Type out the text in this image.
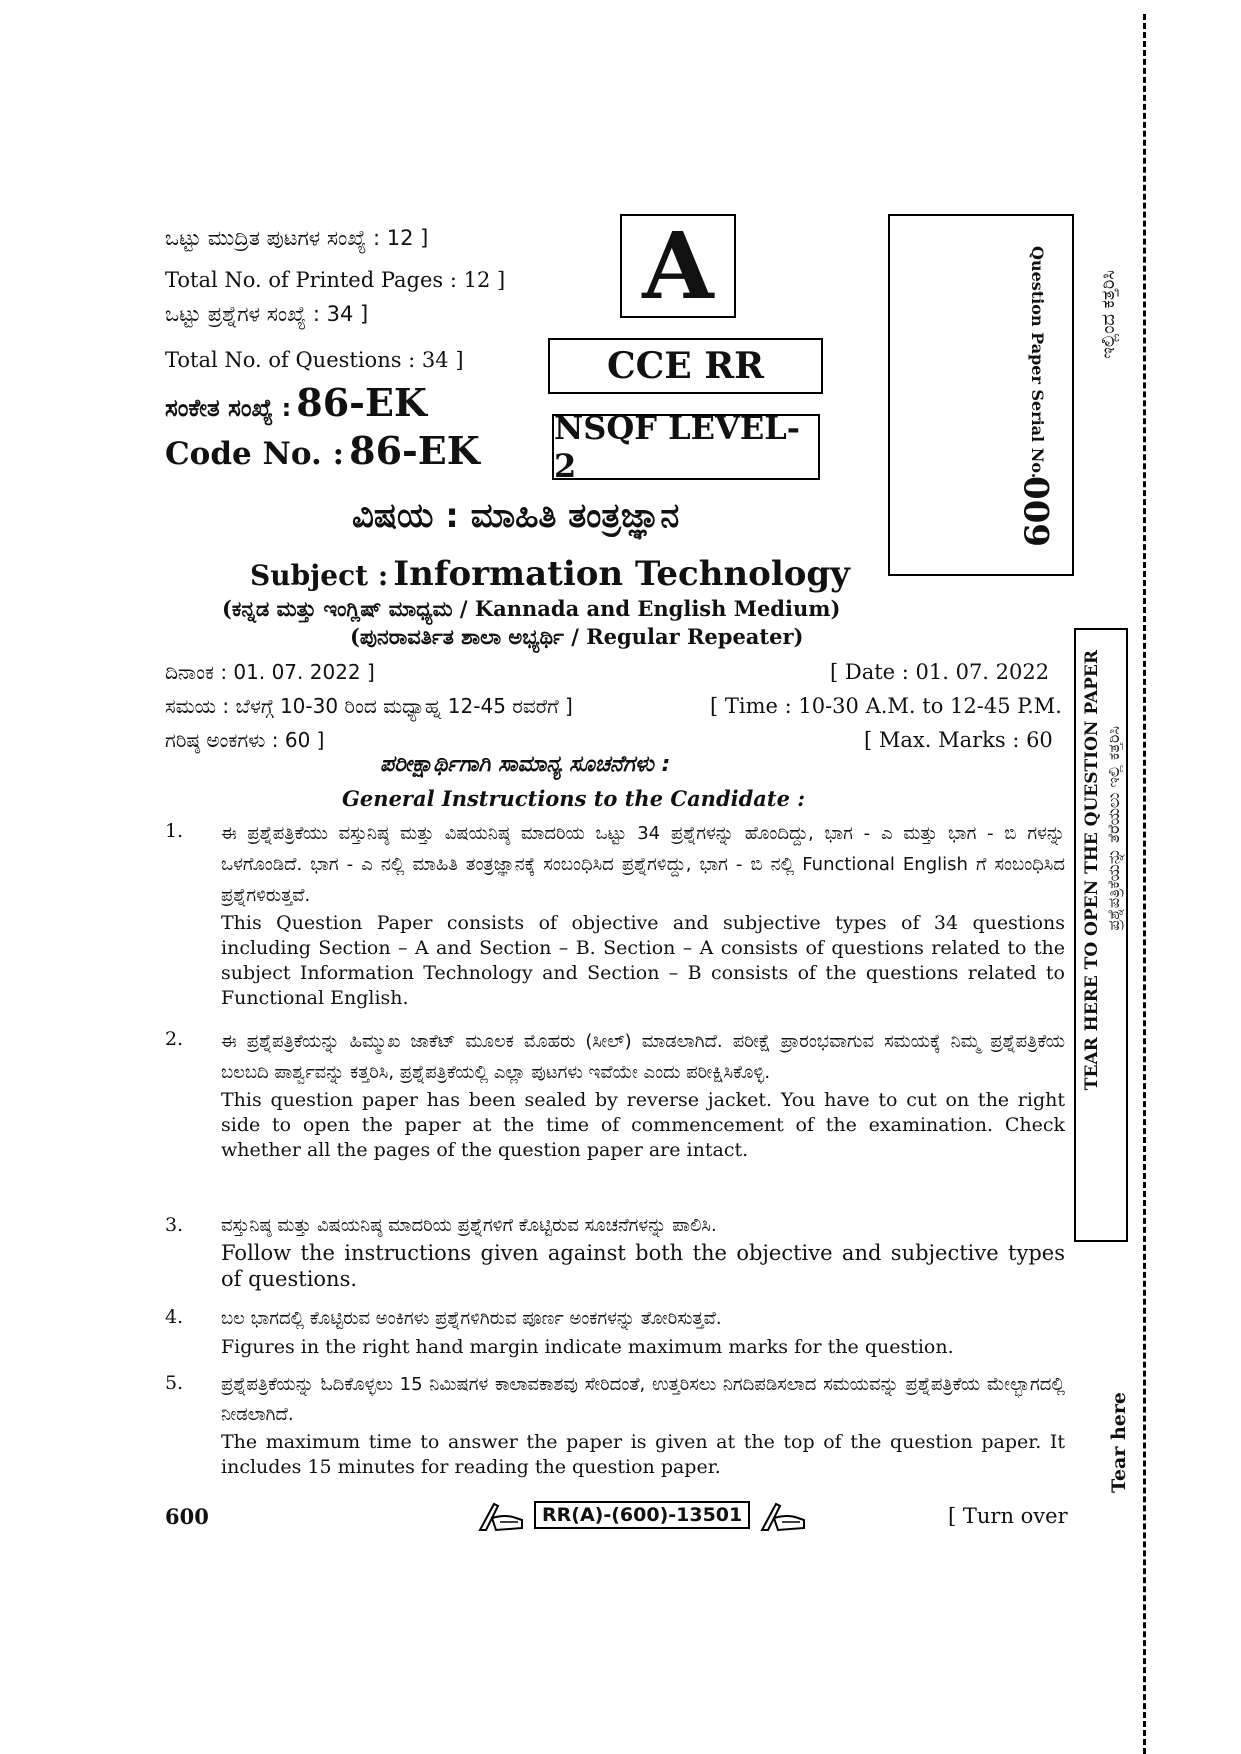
ಒಟ್ಟು ಮುದ್ರಿತ ಪುಟಗಳ ಸಂಖ್ಯೆ : 12 ]
Total No. of Printed Pages : 12 ]
ಒಟ್ಟು ಪ್ರಶ್ನೆಗಳ ಸಂಖ್ಯೆ : 34 ]
Total No. of Questions : 34 ]
ಸಂಕೇತ ಸಂಖ್ಯೆ : 86-EK
Code No. : 86-EK
A
CCE RR
NSQF LEVEL-2	Question Paper Serial No.
600
ಇಲ್ಲಿಂದ ಕತ್ತರಿಸಿ
ವಿಷಯ : ಮಾಹಿತಿ ತಂತ್ರಜ್ಞಾನ
Subject : Information Technology
(ಕನ್ನಡ ಮತ್ತು ಇಂಗ್ಲಿಷ್ ಮಾಧ್ಯಮ / Kannada and English Medium)
(ಪುನರಾವರ್ತಿತ ಶಾಲಾ ಅಭ್ಯರ್ಥಿ / Regular Repeater)
ದಿನಾಂಕ : 01. 07. 2022 ]	[ Date : 01. 07. 2022
ಸಮಯ : ಬೆಳಗ್ಗೆ 10-30 ರಿಂದ ಮಧ್ಯಾಹ್ನ 12-45 ರವರೆಗೆ ]	[ Time : 10-30 A.M. to 12-45 P.M.
ಗರಿಷ್ಠ ಅಂಕಗಳು : 60 ]	[ Max. Marks : 60 TEAR HERE TO OPEN THE QUESTION PAPER ಪ್ರಶ್ನೆಪತ್ರಿಕೆಯನ್ನು ತೆರೆಯಲು ಇಲ್ಲಿ ಕತ್ತರಿಸಿ
Tear here
ಪರೀಕ್ಷಾರ್ಥಿಗಾಗಿ ಸಾಮಾನ್ಯ ಸೂಚನೆಗಳು :
General Instructions to the Candidate :
1. ಈ ಪ್ರಶ್ನೆಪತ್ರಿಕೆಯು ವಸ್ತುನಿಷ್ಠ ಮತ್ತು ವಿಷಯನಿಷ್ಠ ಮಾದರಿಯ ಒಟ್ಟು 34 ಪ್ರಶ್ನೆಗಳನ್ನು ಹೊಂದಿದ್ದು, ಭಾಗ - ಎ ಮತ್ತು ಭಾಗ - ಬಿ ಗಳನ್ನು ಒಳಗೊಂಡಿದೆ. ಭಾಗ - ಎ ನಲ್ಲಿ ಮಾಹಿತಿ ತಂತ್ರಜ್ಞಾನಕ್ಕೆ ಸಂಬಂಧಿಸಿದ ಪ್ರಶ್ನೆಗಳಿದ್ದು, ಭಾಗ - ಬಿ ನಲ್ಲಿ Functional English ಗೆ ಸಂಬಂಧಿಸಿದ ಪ್ರಶ್ನೆಗಳಿರುತ್ತವೆ.
This Question Paper consists of objective and subjective types of 34 questions including Section – A and Section – B. Section – A consists of questions related to the subject Information Technology and Section – B consists of the questions related to Functional English.
2. ಈ ಪ್ರಶ್ನೆಪತ್ರಿಕೆಯನ್ನು ಹಿಮ್ಮುಖ ಜಾಕೆಟ್ ಮೂಲಕ ಮೊಹರು (ಸೀಲ್) ಮಾಡಲಾಗಿದೆ. ಪರೀಕ್ಷೆ ಪ್ರಾರಂಭವಾಗುವ ಸಮಯಕ್ಕೆ ನಿಮ್ಮ ಪ್ರಶ್ನೆಪತ್ರಿಕೆಯ ಬಲಬದಿ ಪಾರ್ಶ್ವವನ್ನು ಕತ್ತರಿಸಿ, ಪ್ರಶ್ನೆಪತ್ರಿಕೆಯಲ್ಲಿ ಎಲ್ಲಾ ಪುಟಗಳು ಇವೆಯೇ ಎಂದು ಪರೀಕ್ಷಿಸಿಕೊಳ್ಳಿ.
This question paper has been sealed by reverse jacket. You have to cut on the right side to open the paper at the time of commencement of the examination. Check whether all the pages of the question paper are intact.
3. ವಸ್ತುನಿಷ್ಠ ಮತ್ತು ವಿಷಯನಿಷ್ಠ ಮಾದರಿಯ ಪ್ರಶ್ನೆಗಳಿಗೆ ಕೊಟ್ಟಿರುವ ಸೂಚನೆಗಳನ್ನು ಪಾಲಿಸಿ.
Follow the instructions given against both the objective and subjective types of questions.
4. ಬಲ ಭಾಗದಲ್ಲಿ ಕೊಟ್ಟಿರುವ ಅಂಕಿಗಳು ಪ್ರಶ್ನೆಗಳಿಗಿರುವ ಪೂರ್ಣ ಅಂಕಗಳನ್ನು ತೋರಿಸುತ್ತವೆ.
Figures in the right hand margin indicate maximum marks for the question.
5. ಪ್ರಶ್ನೆಪತ್ರಿಕೆಯನ್ನು ಓದಿಕೊಳ್ಳಲು 15 ನಿಮಿಷಗಳ ಕಾಲಾವಕಾಶವು ಸೇರಿದಂತೆ, ಉತ್ತರಿಸಲು ನಿಗದಿಪಡಿಸಲಾದ ಸಮಯವನ್ನು ಪ್ರಶ್ನೆಪತ್ರಿಕೆಯ ಮೇಲ್ಭಾಗದಲ್ಲಿ ನೀಡಲಾಗಿದೆ.
The maximum time to answer the paper is given at the top of the question paper. It includes 15 minutes for reading the question paper.
600	RR(A)-(600)-13501	[ Turn over
